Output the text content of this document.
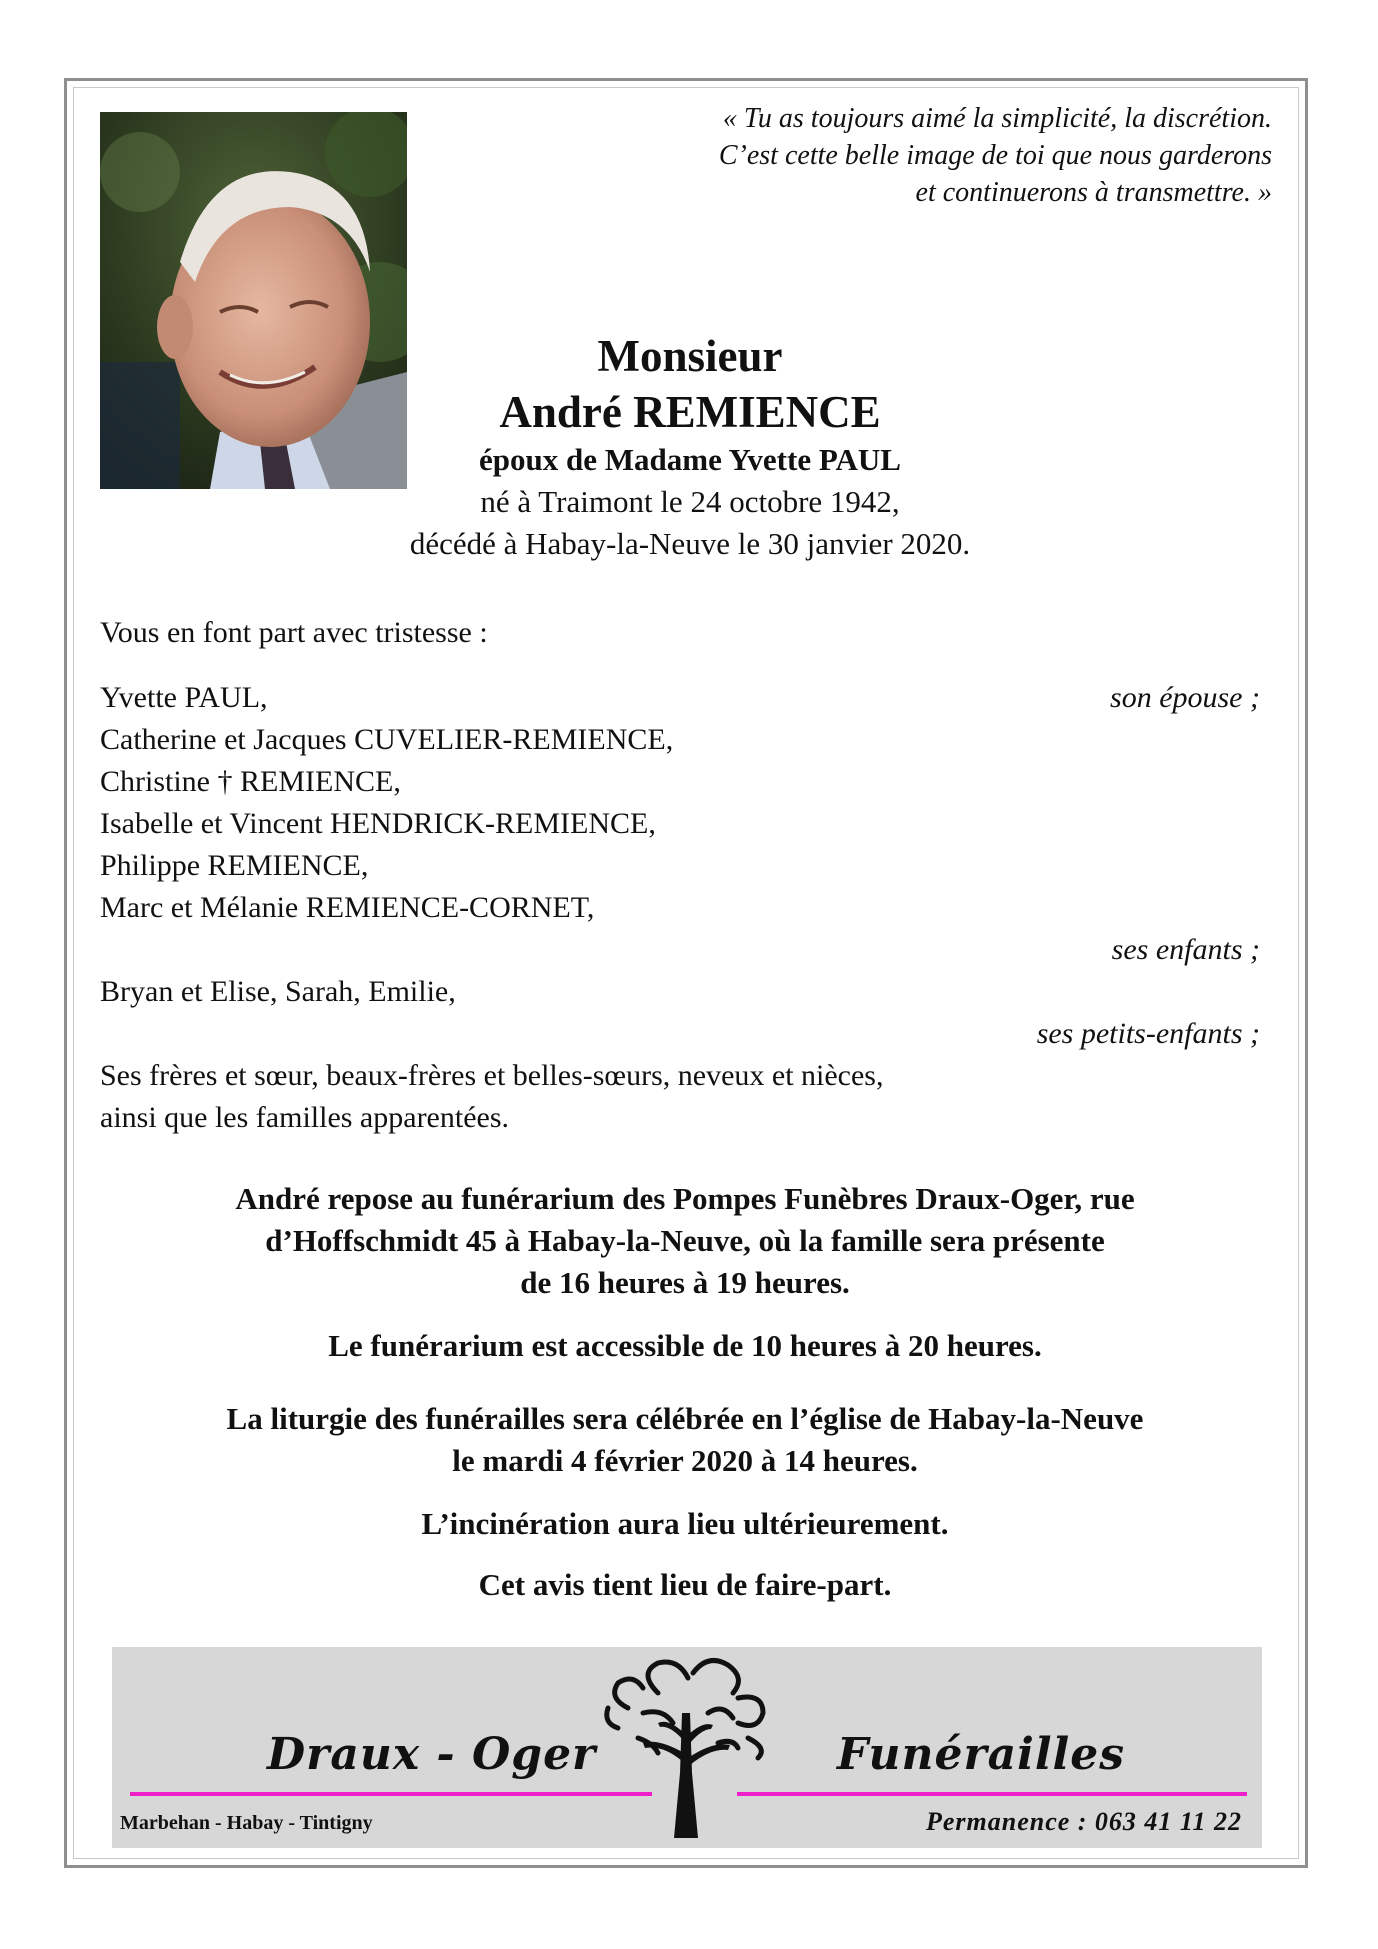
« Tu as toujours aimé la simplicité, la discrétion.
C’est cette belle image de toi que nous garderons
et continuerons à transmettre. »
Monsieur
André REMIENCE
époux de Madame Yvette PAUL
né à Traimont le 24 octobre 1942,
décédé à Habay-la-Neuve le 30 janvier 2020.
Vous en font part avec tristesse :
Yvette PAUL,	son épouse ;
Catherine et Jacques CUVELIER-REMIENCE,
Christine † REMIENCE,
Isabelle et Vincent HENDRICK-REMIENCE,
Philippe REMIENCE,
Marc et Mélanie REMIENCE-CORNET,
ses enfants ;
Bryan et Elise, Sarah, Emilie,
ses petits-enfants ;
Ses frères et sœur, beaux-frères et belles-sœurs, neveux et nièces,
ainsi que les familles apparentées.
André repose au funérarium des Pompes Funèbres Draux-Oger, rue
d’Hoffschmidt 45 à Habay-la-Neuve, où la famille sera présente
de 16 heures à 19 heures.
Le funérarium est accessible de 10 heures à 20 heures.
La liturgie des funérailles sera célébrée en l’église de Habay-la-Neuve
le mardi 4 février 2020 à 14 heures.
L’incinération aura lieu ultérieurement.
Cet avis tient lieu de faire-part.
Draux - Oger	Funérailles
Marbehan - Habay - Tintigny	Permanence : 063 41 11 22
